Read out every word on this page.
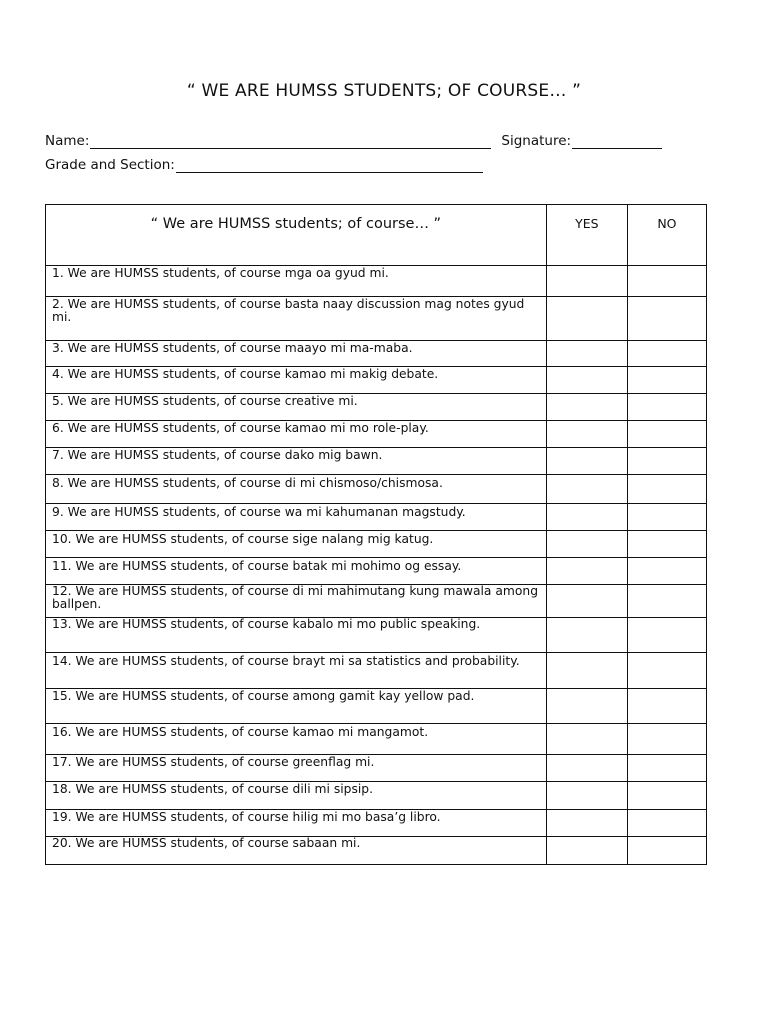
“ WE ARE HUMSS STUDENTS; OF COURSE… ”
Name:	Signature:
Grade and Section:
“ We are HUMSS students; of course… ”	YES	NO

1. We are HUMSS students, of course mga oa gyud mi.		

2. We are HUMSS students, of course basta naay discussion mag notes gyud mi.		

3. We are HUMSS students, of course maayo mi ma-maba.		

4. We are HUMSS students, of course kamao mi makig debate.		

5. We are HUMSS students, of course creative mi.		

6. We are HUMSS students, of course kamao mi mo role-play.		

7. We are HUMSS students, of course dako mig bawn.		

8. We are HUMSS students, of course di mi chismoso/chismosa.		

9. We are HUMSS students, of course wa mi kahumanan magstudy.		

10. We are HUMSS students, of course sige nalang mig katug.		

11. We are HUMSS students, of course batak mi mohimo og essay.		

12. We are HUMSS students, of course di mi mahimutang kung mawala among ballpen.		

13. We are HUMSS students, of course kabalo mi mo public speaking.		

14. We are HUMSS students, of course brayt mi sa statistics and probability.		

15. We are HUMSS students, of course among gamit kay yellow pad.		

16. We are HUMSS students, of course kamao mi mangamot.		

17. We are HUMSS students, of course greenflag mi.		

18. We are HUMSS students, of course dili mi sipsip.		

19. We are HUMSS students, of course hilig mi mo basa’g libro.		

20. We are HUMSS students, of course sabaan mi.		
